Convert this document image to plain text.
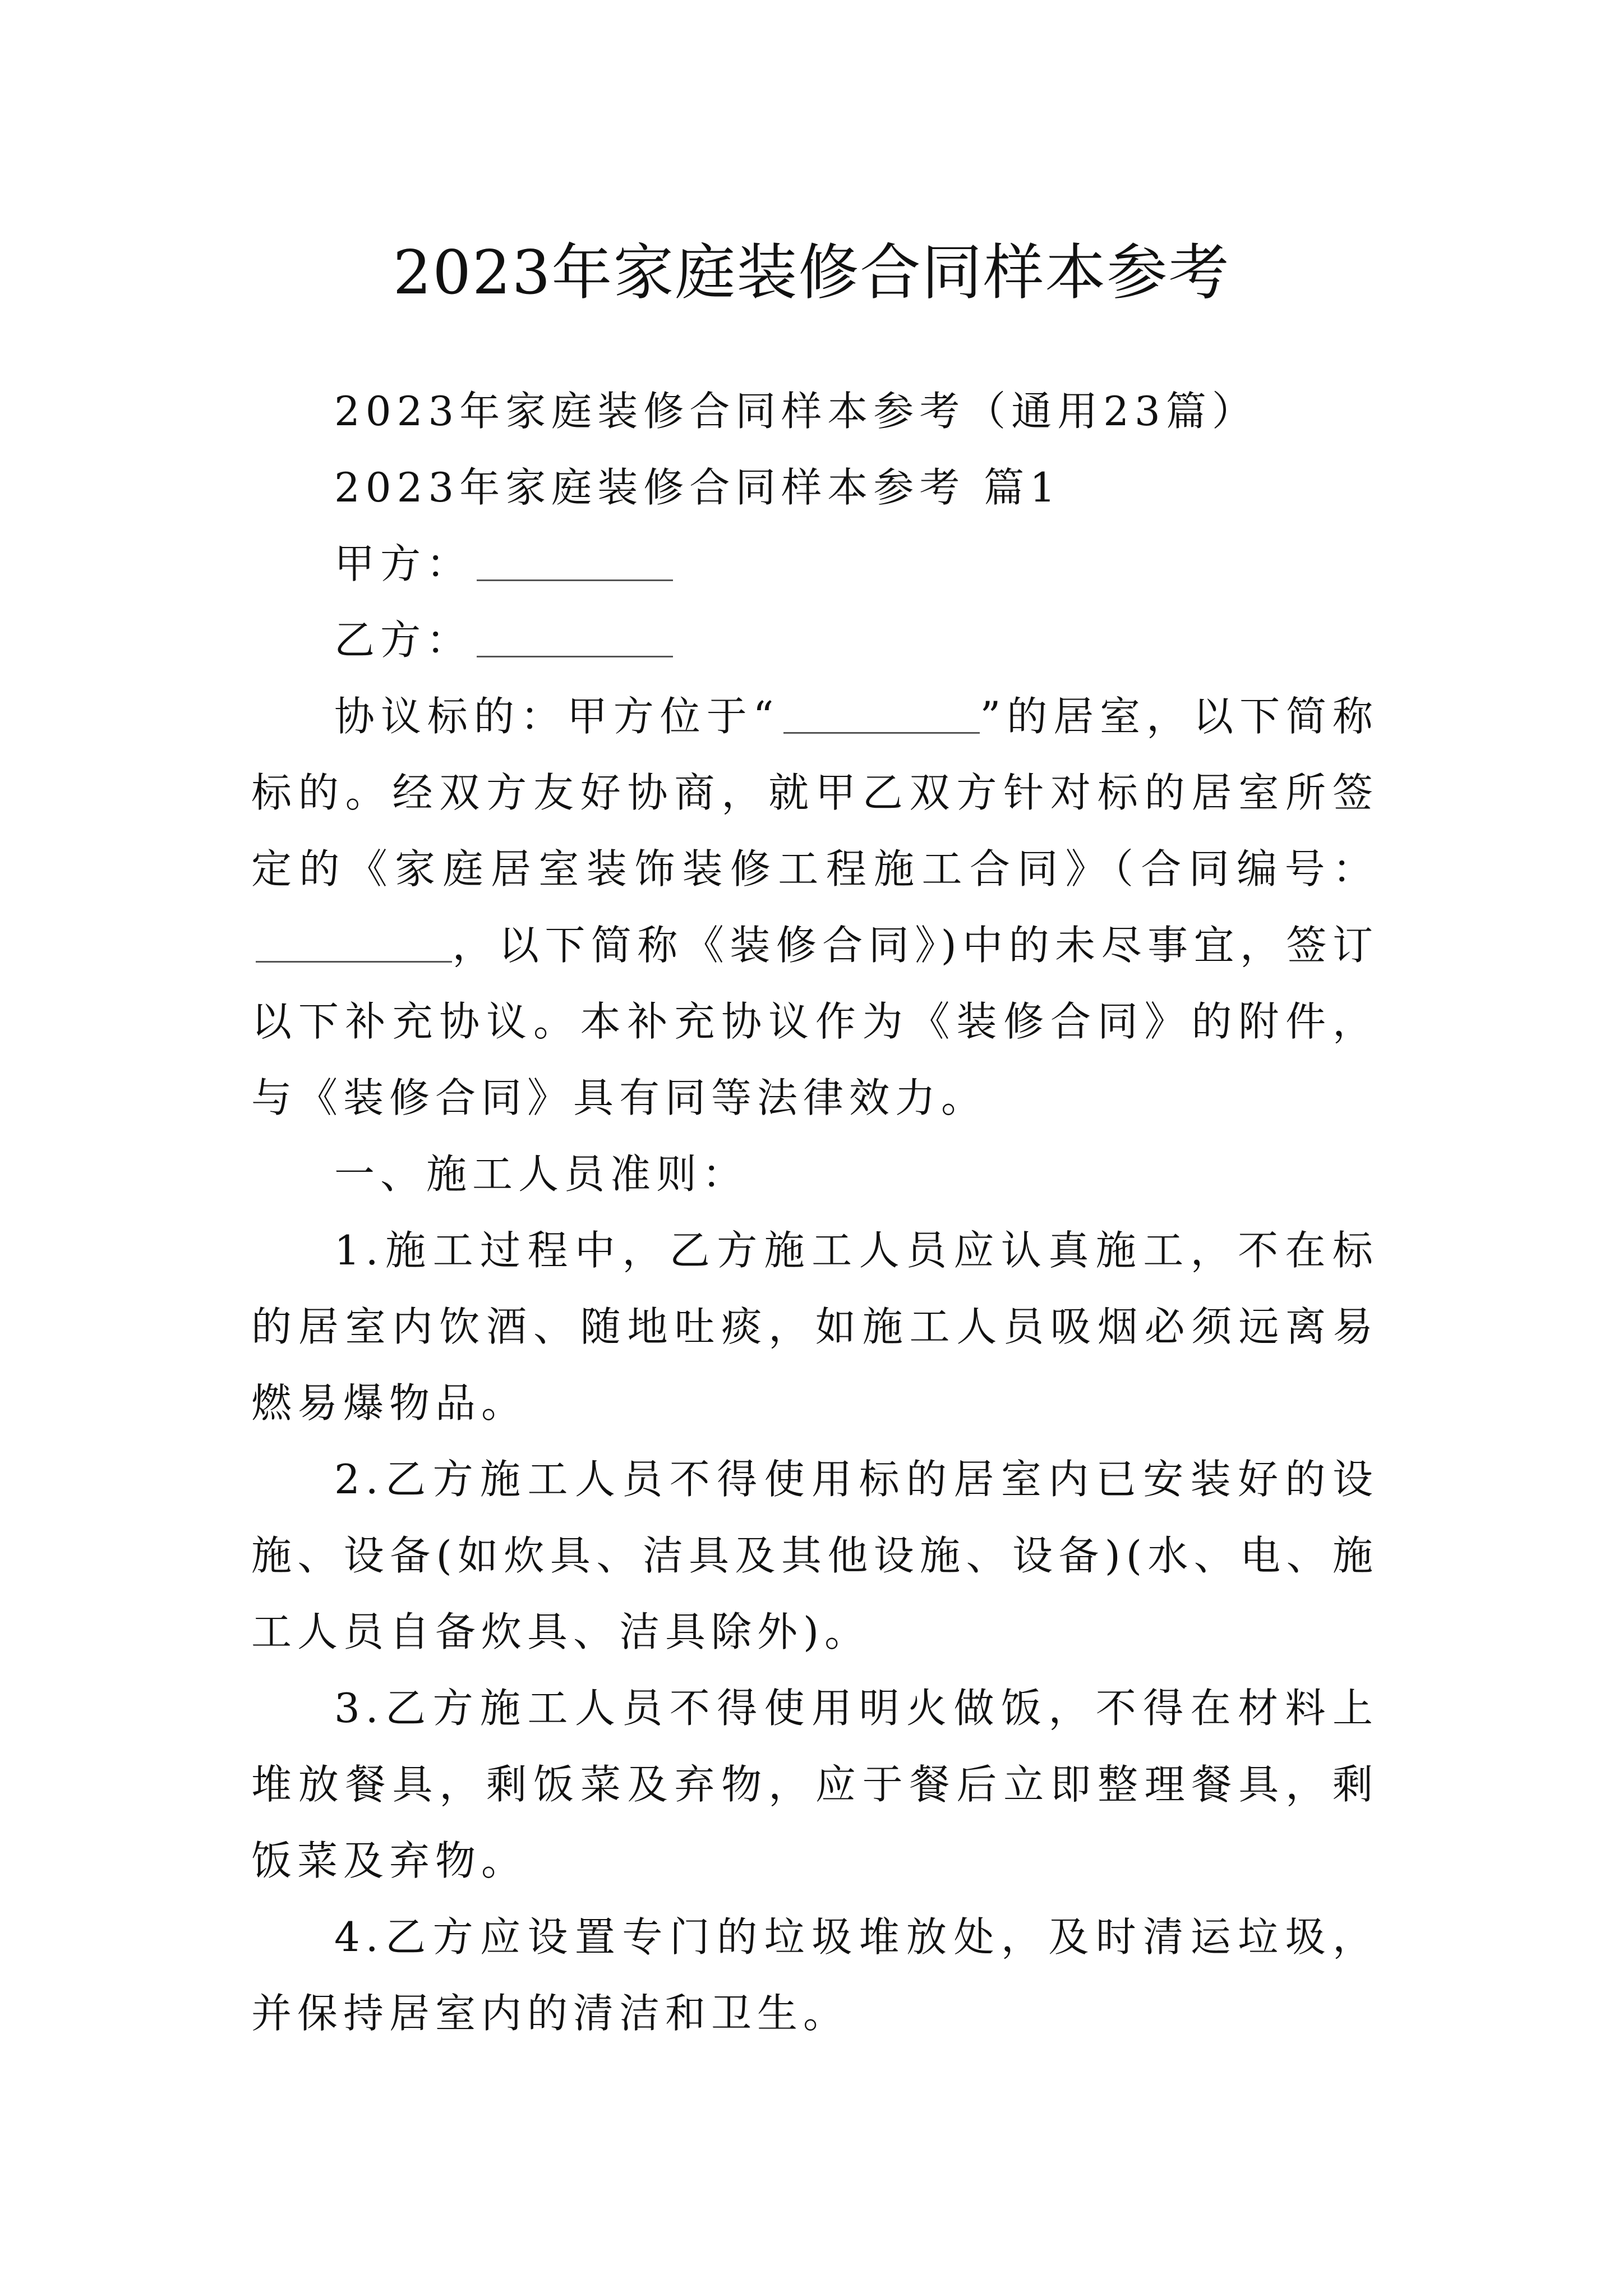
2023年家庭装修合同样本参考

2023年家庭装修合同样本参考（通用23篇）

2023年家庭装修合同样本参考 篇1

甲方：

乙方：

协议标的：甲方位于“	”的居室，以下简称标的。经双方友好协商，就甲乙双方针对标的居室所签定的《家庭居室装饰装修工程施工合同》（合同编号：，以下简称《装修合同》)中的未尽事宜，签订以下补充协议。本补充协议作为《装修合同》的附件，与《装修合同》具有同等法律效力。

一、施工人员准则：

1.施工过程中，乙方施工人员应认真施工，不在标的居室内饮酒、随地吐痰，如施工人员吸烟必须远离易燃易爆物品。

2.乙方施工人员不得使用标的居室内已安装好的设施、设备(如炊具、洁具及其他设施、设备)(水、电、施工人员自备炊具、洁具除外)。

3.乙方施工人员不得使用明火做饭，不得在材料上堆放餐具，剩饭菜及弃物，应于餐后立即整理餐具，剩饭菜及弃物。

4.乙方应设置专门的垃圾堆放处，及时清运垃圾，并保持居室内的清洁和卫生。
